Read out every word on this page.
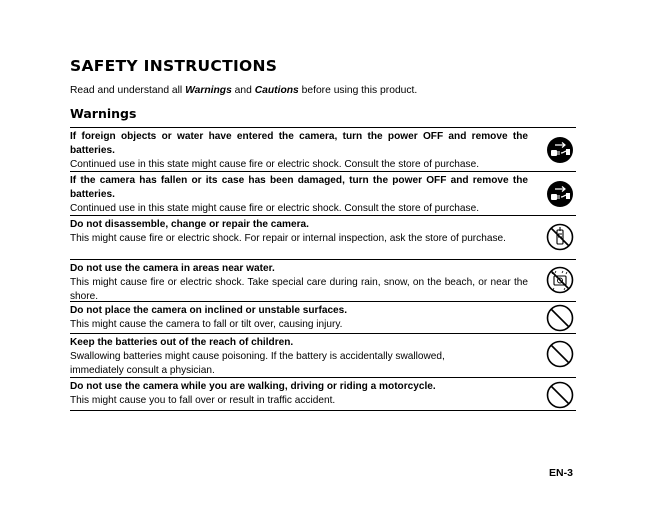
SAFETY INSTRUCTIONS

Read and understand all Warnings and Cautions before using this product.

Warnings
If foreign objects or water have entered the camera, turn the power OFF and remove the batteries.
Continued use in this state might cause fire or electric shock. Consult the store of purchase.
If the camera has fallen or its case has been damaged, turn the power OFF and remove the batteries.
Continued use in this state might cause fire or electric shock. Consult the store of purchase.
Do not disassemble, change or repair the camera.
This might cause fire or electric shock. For repair or internal inspection, ask the store of purchase.
Do not use the camera in areas near water.
This might cause fire or electric shock. Take special care during rain, snow, on the beach, or near the shore.
Do not place the camera on inclined or unstable surfaces.
This might cause the camera to fall or tilt over, causing injury.
Keep the batteries out of the reach of children.
Swallowing batteries might cause poisoning. If the battery is accidentally swallowed, immediately consult a physician.
Do not use the camera while you are walking, driving or riding a motorcycle.
This might cause you to fall over or result in traffic accident.

EN-3
